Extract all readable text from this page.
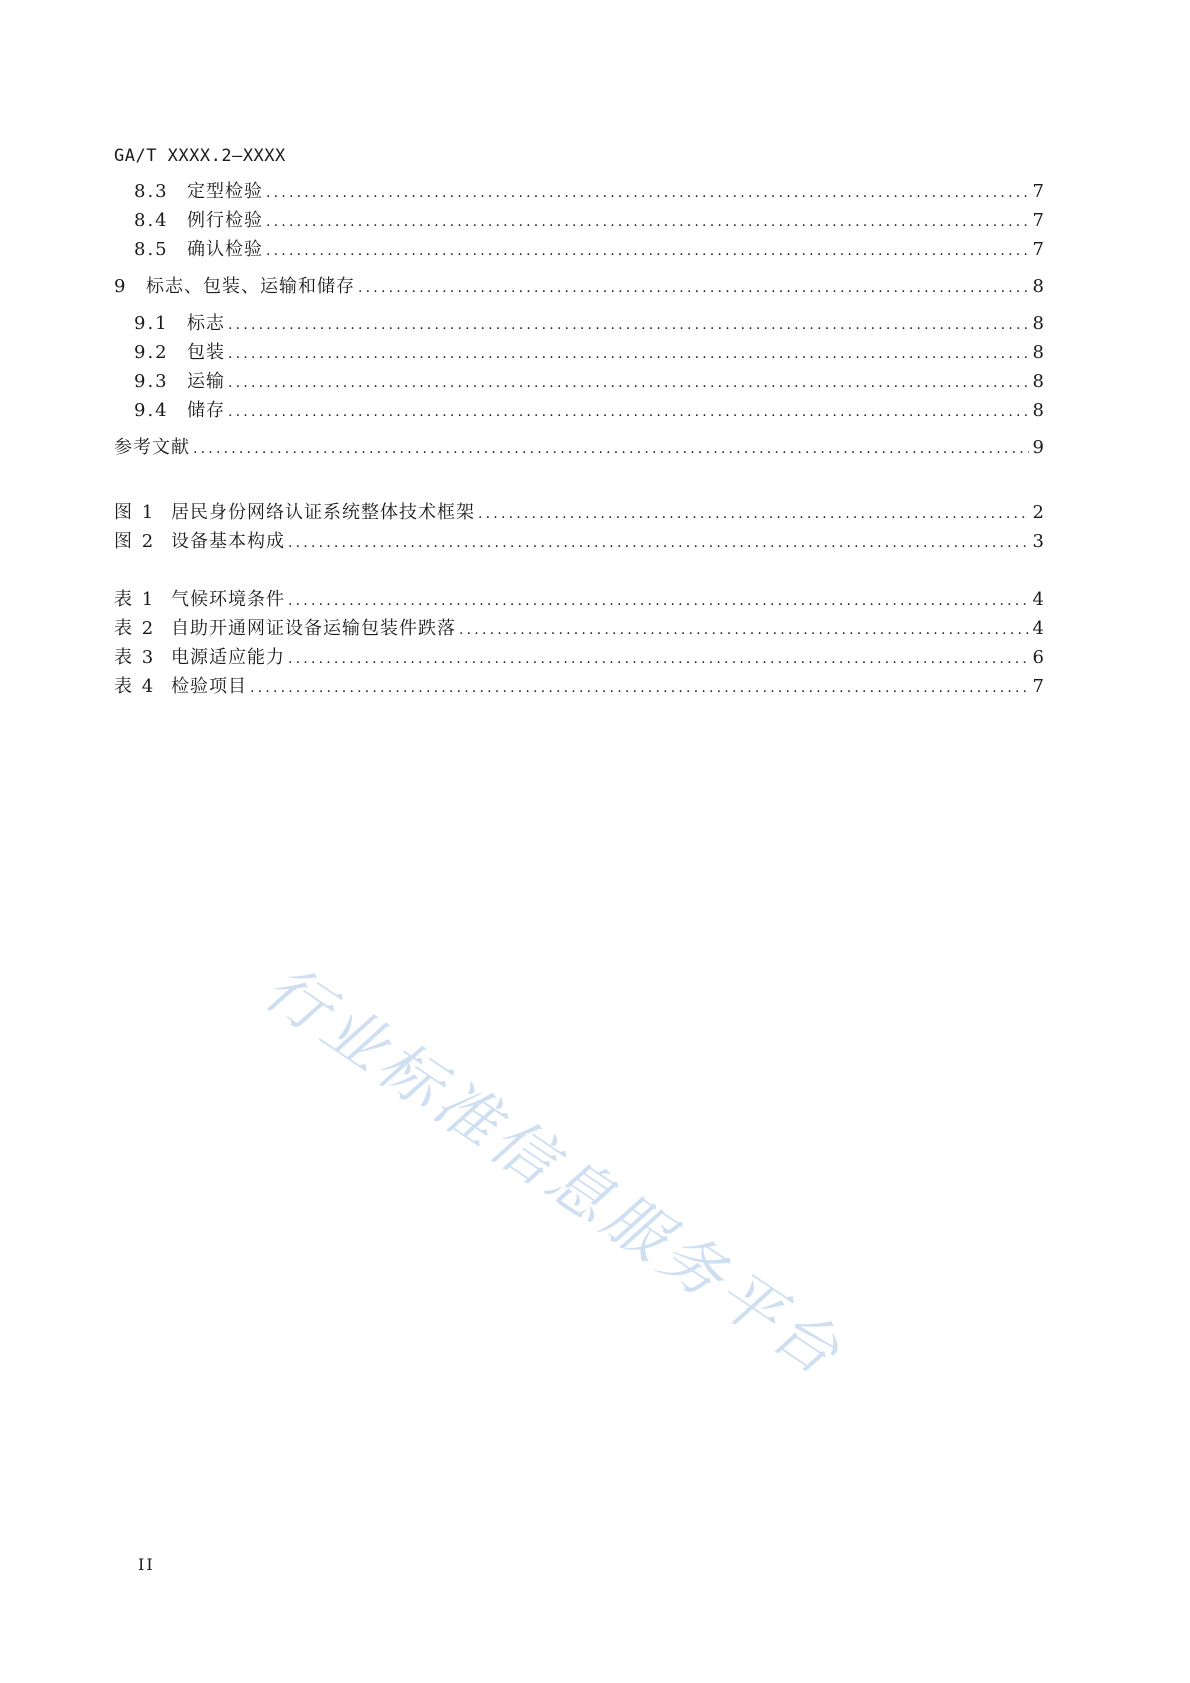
GA/T XXXX.2—XXXX
8.3	定型检验 .....	7
8.4	例行检验 .....	7
8.5	确认检验 .....	7
9	标志、包装、运输和储存 .....	8
9.1	标志 .....	8
9.2	包装 .....	8
9.3	运输 .....	8
9.4	储存 .....	8
参考文献 .....	9
图 1 居民身份网络认证系统整体技术框架 .....	2
图 2 设备基本构成 .....	3
表 1 气候环境条件 .....	4
表 2 自助开通网证设备运输包装件跌落 .....	4
表 3 电源适应能力 .....	6
表 4 检验项目 .....	7
行业标准信息服务平台
II
